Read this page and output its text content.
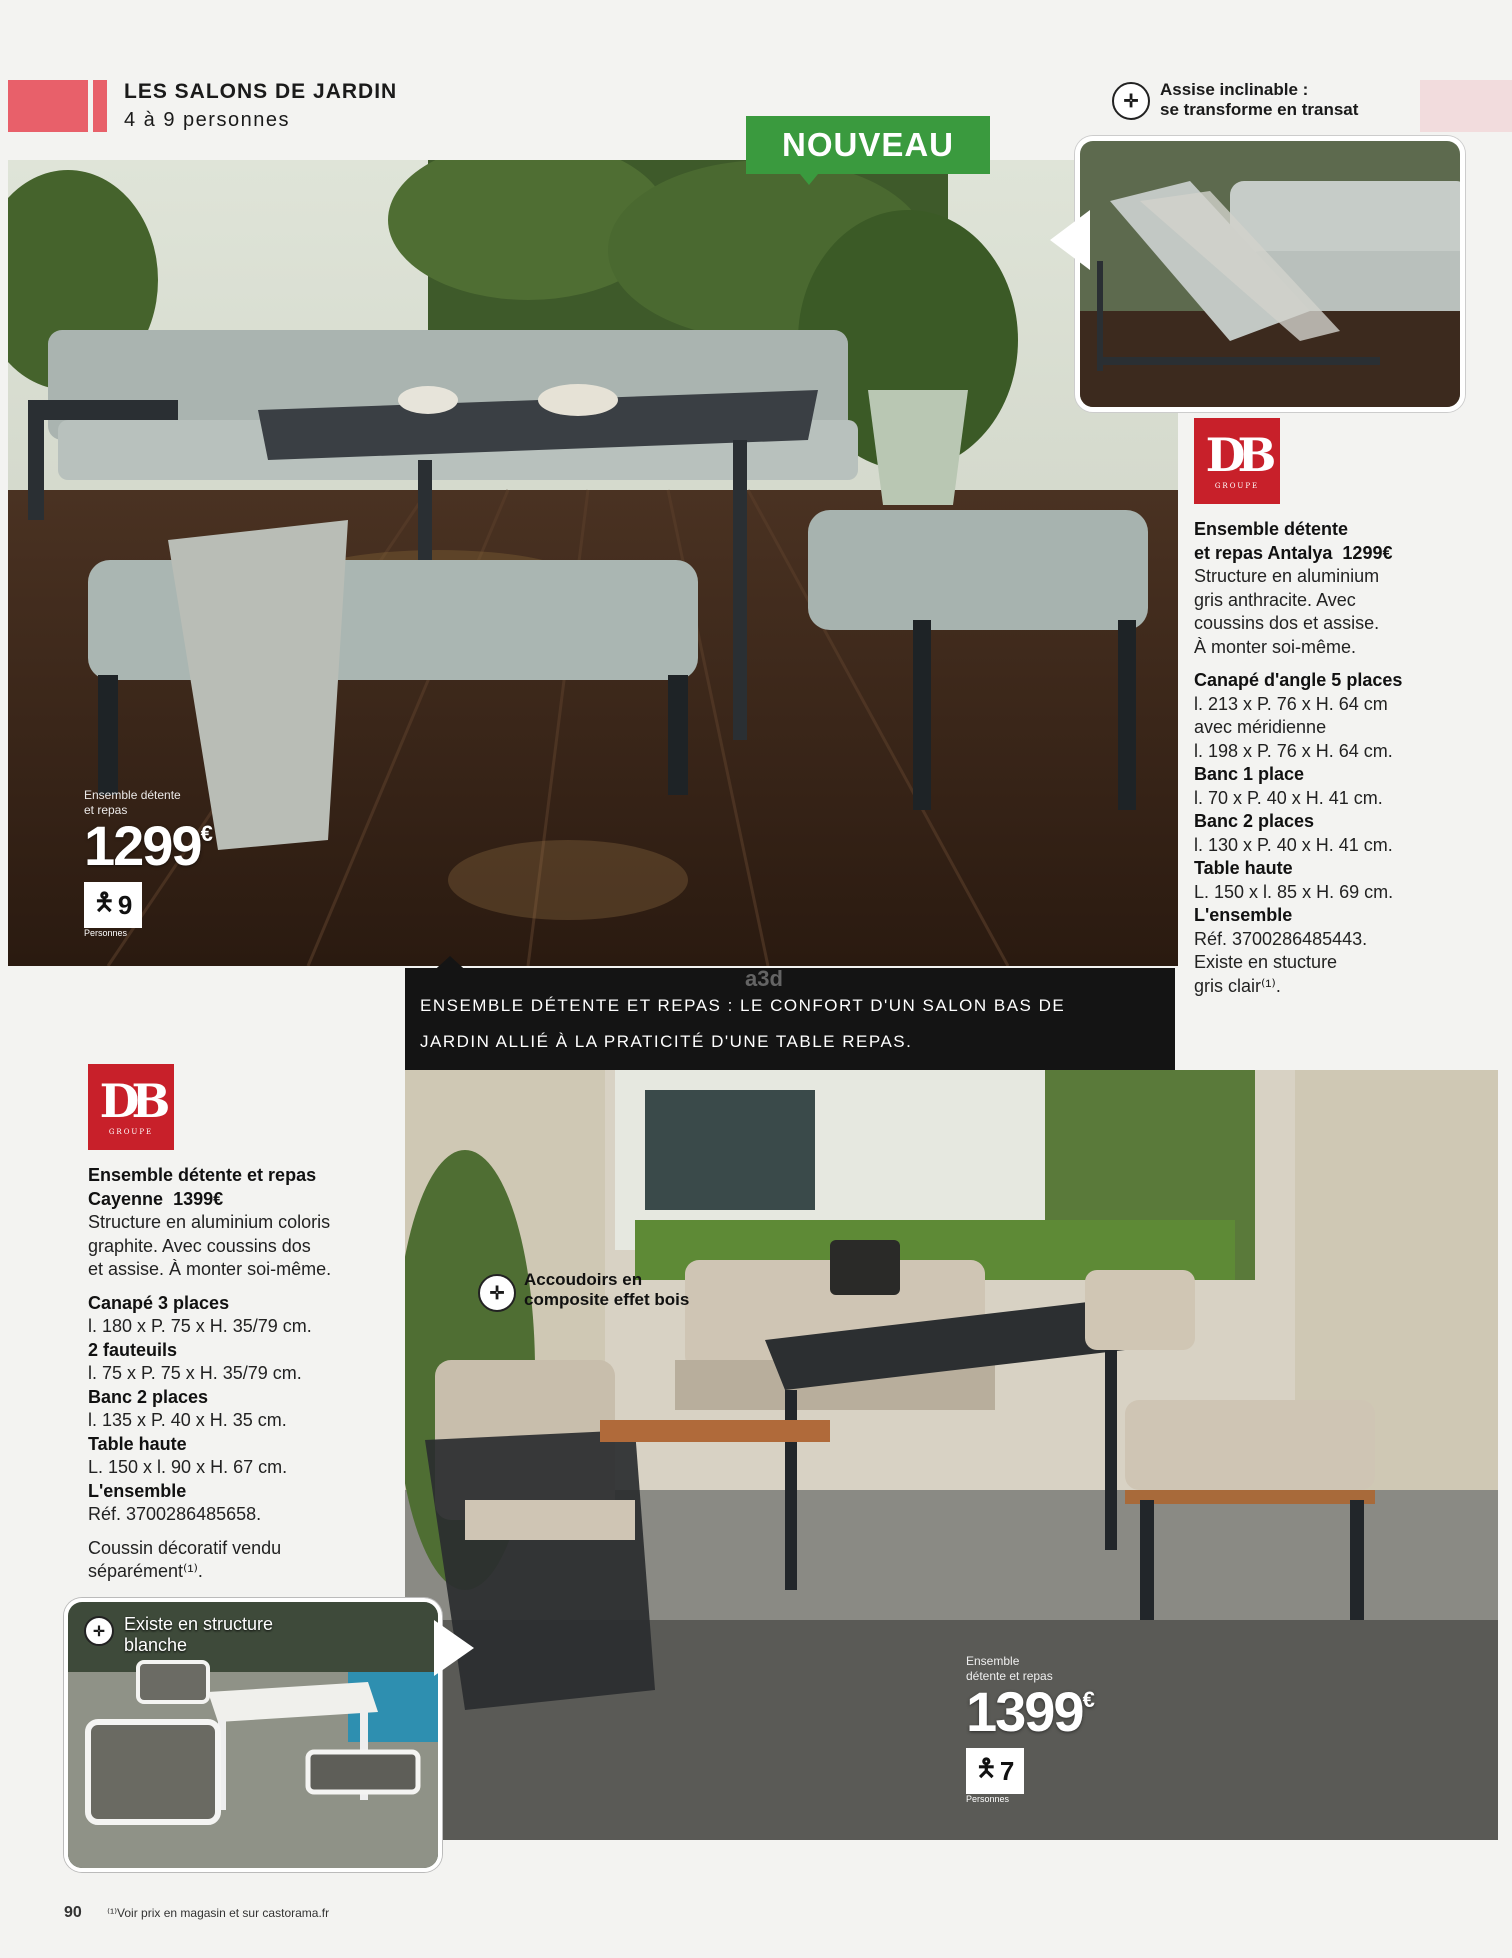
LES SALONS DE JARDIN
4 à 9 personnes
✛
Assise inclinable :
se transforme en transat
NOUVEAU
DB
GROUPE
Ensemble détente
et repas Antalya 1299€
Structure en aluminium
gris anthracite. Avec
coussins dos et assise.
À monter soi-même.
Canapé d'angle 5 places
l. 213 x P. 76 x H. 64 cm
avec méridienne
l. 198 x P. 76 x H. 64 cm.
Banc 1 place
l. 70 x P. 40 x H. 41 cm.
Banc 2 places
l. 130 x P. 40 x H. 41 cm.
Table haute
L. 150 x l. 85 x H. 69 cm.
L'ensemble
Réf. 3700286485443.
Existe en stucture
gris clair⁽¹⁾.
Ensemble détente
et repas
1299€
🯅 9
Personnes
ENSEMBLE DÉTENTE ET REPAS : LE CONFORT D'UN SALON BAS DE
JARDIN ALLIÉ À LA PRATICITÉ D'UNE TABLE REPAS.
a3d
✛
Accoudoirs en
composite effet bois
Ensemble
détente et repas
1399€
🯅 7
Personnes
DB
GROUPE
Ensemble détente et repas
Cayenne 1399€
Structure en aluminium coloris
graphite. Avec coussins dos
et assise. À monter soi-même.
Canapé 3 places
l. 180 x P. 75 x H. 35/79 cm.
2 fauteuils
l. 75 x P. 75 x H. 35/79 cm.
Banc 2 places
l. 135 x P. 40 x H. 35 cm.
Table haute
L. 150 x l. 90 x H. 67 cm.
L'ensemble
Réf. 3700286485658.
Coussin décoratif vendu
séparément⁽¹⁾.
✛	Existe en structure
blanche
90 ⁽¹⁾Voir prix en magasin et sur castorama.fr
